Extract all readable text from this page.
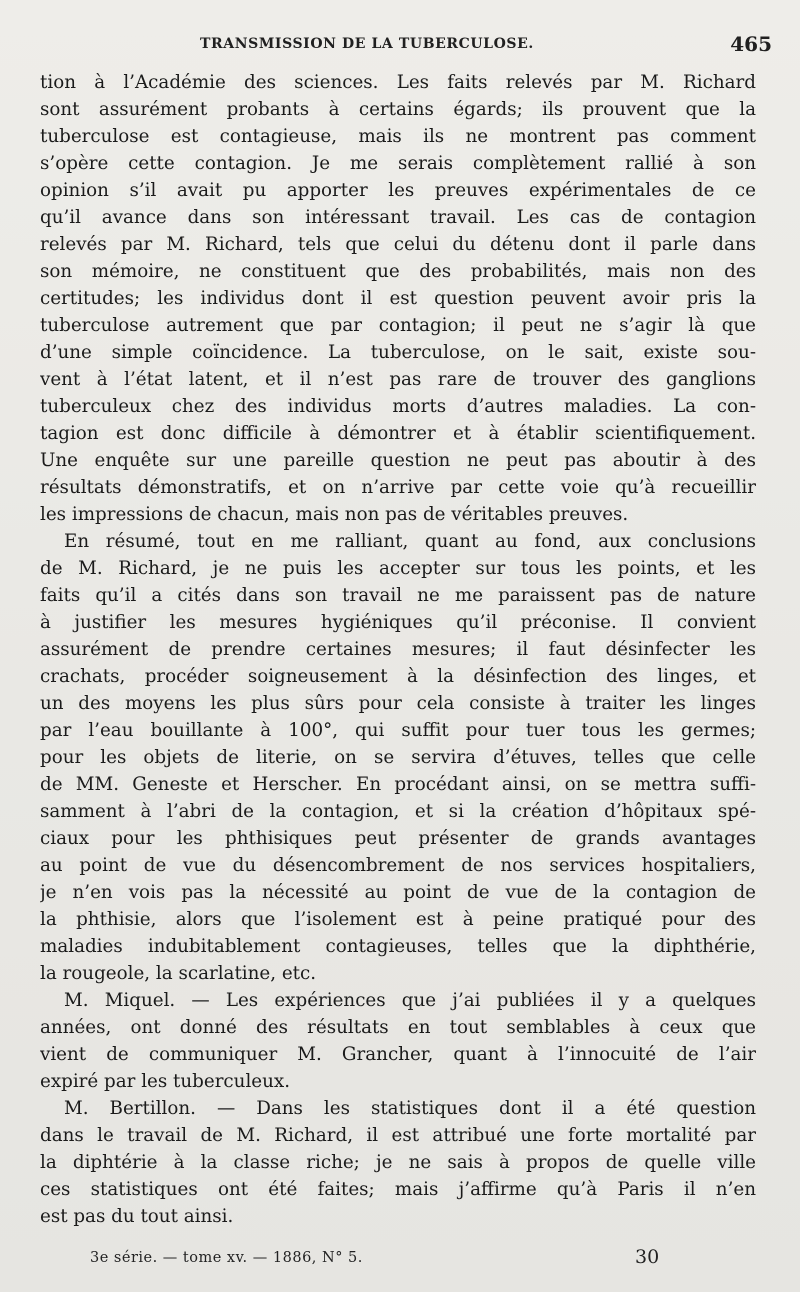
TRANSMISSION DE LA TUBERCULOSE.	465
tion à l’Académie des sciences. Les faits relevés par M. Richard
sont assurément probants à certains égards; ils prouvent que la
tuberculose est contagieuse, mais ils ne montrent pas comment
s’opère cette contagion. Je me serais complètement rallié à son
opinion s’il avait pu apporter les preuves expérimentales de ce
qu’il avance dans son intéressant travail. Les cas de contagion
relevés par M. Richard, tels que celui du détenu dont il parle dans
son mémoire, ne constituent que des probabilités, mais non des
certitudes; les individus dont il est question peuvent avoir pris la
tuberculose autrement que par contagion; il peut ne s’agir là que
d’une simple coïncidence. La tuberculose, on le sait, existe sou-
vent à l’état latent, et il n’est pas rare de trouver des ganglions
tuberculeux chez des individus morts d’autres maladies. La con-
tagion est donc difficile à démontrer et à établir scientifiquement.
Une enquête sur une pareille question ne peut pas aboutir à des
résultats démonstratifs, et on n’arrive par cette voie qu’à recueillir
les impressions de chacun, mais non pas de véritables preuves.
En résumé, tout en me ralliant, quant au fond, aux conclusions
de M. Richard, je ne puis les accepter sur tous les points, et les
faits qu’il a cités dans son travail ne me paraissent pas de nature
à justifier les mesures hygiéniques qu’il préconise. Il convient
assurément de prendre certaines mesures; il faut désinfecter les
crachats, procéder soigneusement à la désinfection des linges, et
un des moyens les plus sûrs pour cela consiste à traiter les linges
par l’eau bouillante à 100°, qui suffit pour tuer tous les germes;
pour les objets de literie, on se servira d’étuves, telles que celle
de MM. Geneste et Herscher. En procédant ainsi, on se mettra suffi-
samment à l’abri de la contagion, et si la création d’hôpitaux spé-
ciaux pour les phthisiques peut présenter de grands avantages
au point de vue du désencombrement de nos services hospitaliers,
je n’en vois pas la nécessité au point de vue de la contagion de
la phthisie, alors que l’isolement est à peine pratiqué pour des
maladies indubitablement contagieuses, telles que la diphthérie,
la rougeole, la scarlatine, etc.
M. Miquel. — Les expériences que j’ai publiées il y a quelques
années, ont donné des résultats en tout semblables à ceux que
vient de communiquer M. Grancher, quant à l’innocuité de l’air
expiré par les tuberculeux.
M. Bertillon. — Dans les statistiques dont il a été question
dans le travail de M. Richard, il est attribué une forte mortalité par
la diphtérie à la classe riche; je ne sais à propos de quelle ville
ces statistiques ont été faites; mais j’affirme qu’à Paris il n’en
est pas du tout ainsi.
3e série. — tome xv. — 1886, N° 5.	30
